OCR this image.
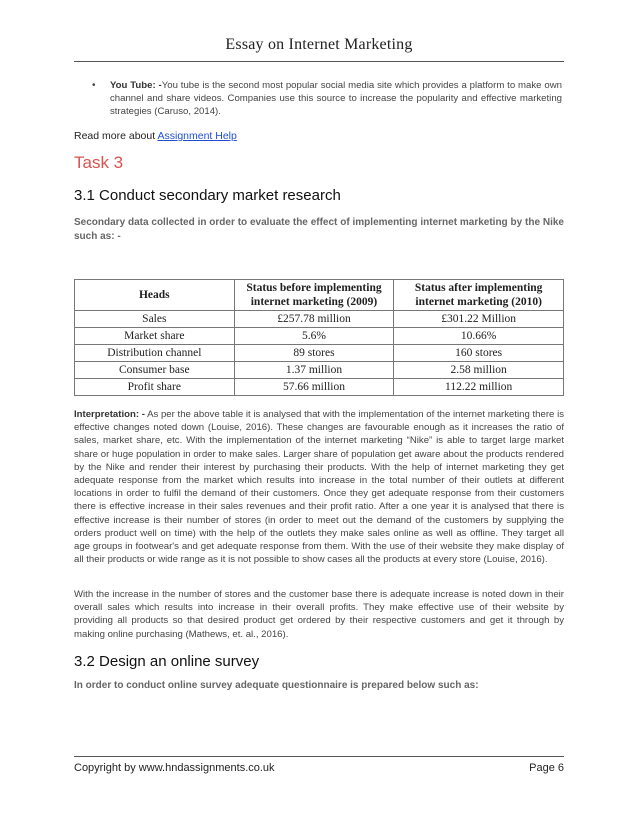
Essay on Internet Marketing
• You Tube: -You tube is the second most popular social media site which provides a platform to make own channel and share videos. Companies use this source to increase the popularity and effective marketing strategies (Caruso, 2014).
Read more about Assignment Help
Task 3
3.1 Conduct secondary market research
Secondary data collected in order to evaluate the effect of implementing internet marketing by the Nike such as: -
Heads	Status before implementing internet marketing (2009)	Status after implementing internet marketing (2010)
Sales	£257.78 million	£301.22 Million
Market share	5.6%	10.66%
Distribution channel	89 stores	160 stores
Consumer base	1.37 million	2.58 million
Profit share	57.66 million	112.22 million
Interpretation: - As per the above table it is analysed that with the implementation of the internet marketing there is effective changes noted down (Louise, 2016). These changes are favourable enough as it increases the ratio of sales, market share, etc. With the implementation of the internet marketing “Nike” is able to target large market share or huge population in order to make sales. Larger share of population get aware about the products rendered by the Nike and render their interest by purchasing their products. With the help of internet marketing they get adequate response from the market which results into increase in the total number of their outlets at different locations in order to fulfil the demand of their customers. Once they get adequate response from their customers there is effective increase in their sales revenues and their profit ratio. After a one year it is analysed that there is effective increase is their number of stores (in order to meet out the demand of the customers by supplying the orders product well on time) with the help of the outlets they make sales online as well as offline. They target all age groups in footwear's and get adequate response from them. With the use of their website they make display of all their products or wide range as it is not possible to show cases all the products at every store (Louise, 2016).
With the increase in the number of stores and the customer base there is adequate increase is noted down in their overall sales which results into increase in their overall profits. They make effective use of their website by providing all products so that desired product get ordered by their respective customers and get it through by making online purchasing (Mathews, et. al., 2016).
3.2 Design an online survey
In order to conduct online survey adequate questionnaire is prepared below such as:
Copyright by www.hndassignments.co.uk	Page 6
